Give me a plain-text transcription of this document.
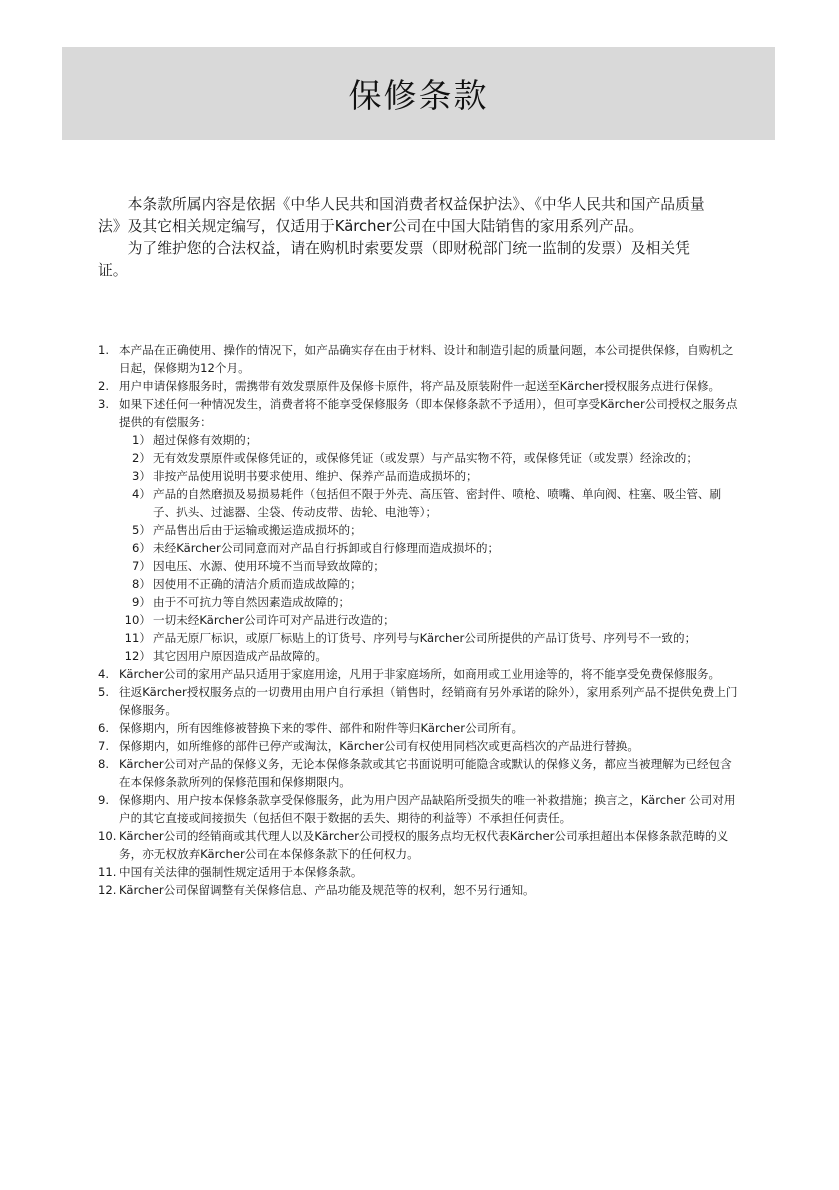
保修条款

本条款所属内容是依据《中华人民共和国消费者权益保护法》、《中华人民共和国产品质量法》及其它相关规定编写，仅适用于Kärcher公司在中国大陆销售的家用系列产品。

为了维护您的合法权益，请在购机时索要发票（即财税部门统一监制的发票）及相关凭证。

1. 本产品在正确使用、操作的情况下，如产品确实存在由于材料、设计和制造引起的质量问题，本公司提供保修，自购机之日起，保修期为12个月。
2. 用户申请保修服务时，需携带有效发票原件及保修卡原件，将产品及原装附件一起送至Kärcher授权服务点进行保修。
3. 如果下述任何一种情况发生，消费者将不能享受保修服务（即本保修条款不予适用），但可享受Kärcher公司授权之服务点提供的有偿服务：
1） 超过保修有效期的；
2） 无有效发票原件或保修凭证的，或保修凭证（或发票）与产品实物不符，或保修凭证（或发票）经涂改的；
3） 非按产品使用说明书要求使用、维护、保养产品而造成损坏的；
4） 产品的自然磨损及易损易耗件（包括但不限于外壳、高压管、密封件、喷枪、喷嘴、单向阀、柱塞、吸尘管、刷子、扒头、过滤器、尘袋、传动皮带、齿轮、电池等）；
5） 产品售出后由于运输或搬运造成损坏的；
6） 未经Kärcher公司同意而对产品自行拆卸或自行修理而造成损坏的；
7） 因电压、水源、使用环境不当而导致故障的；
8） 因使用不正确的清洁介质而造成故障的；
9） 由于不可抗力等自然因素造成故障的；
10） 一切未经Kärcher公司许可对产品进行改造的；
11） 产品无原厂标识，或原厂标贴上的订货号、序列号与Kärcher公司所提供的产品订货号、序列号不一致的；
12） 其它因用户原因造成产品故障的。
4. Kärcher公司的家用产品只适用于家庭用途，凡用于非家庭场所，如商用或工业用途等的，将不能享受免费保修服务。
5. 往返Kärcher授权服务点的一切费用由用户自行承担（销售时，经销商有另外承诺的除外），家用系列产品不提供免费上门保修服务。
6. 保修期内，所有因维修被替换下来的零件、部件和附件等归Kärcher公司所有。
7. 保修期内，如所维修的部件已停产或淘汰，Kärcher公司有权使用同档次或更高档次的产品进行替换。
8. Kärcher公司对产品的保修义务，无论本保修条款或其它书面说明可能隐含或默认的保修义务，都应当被理解为已经包含在本保修条款所列的保修范围和保修期限内。
9. 保修期内、用户按本保修条款享受保修服务，此为用户因产品缺陷所受损失的唯一补救措施；换言之，Kärcher 公司对用户的其它直接或间接损失（包括但不限于数据的丢失、期待的利益等）不承担任何责任。
10. Kärcher公司的经销商或其代理人以及Kärcher公司授权的服务点均无权代表Kärcher公司承担超出本保修条款范畴的义务，亦无权放弃Kärcher公司在本保修条款下的任何权力。
11. 中国有关法律的强制性规定适用于本保修条款。
12. Kärcher公司保留调整有关保修信息、产品功能及规范等的权利，恕不另行通知。
